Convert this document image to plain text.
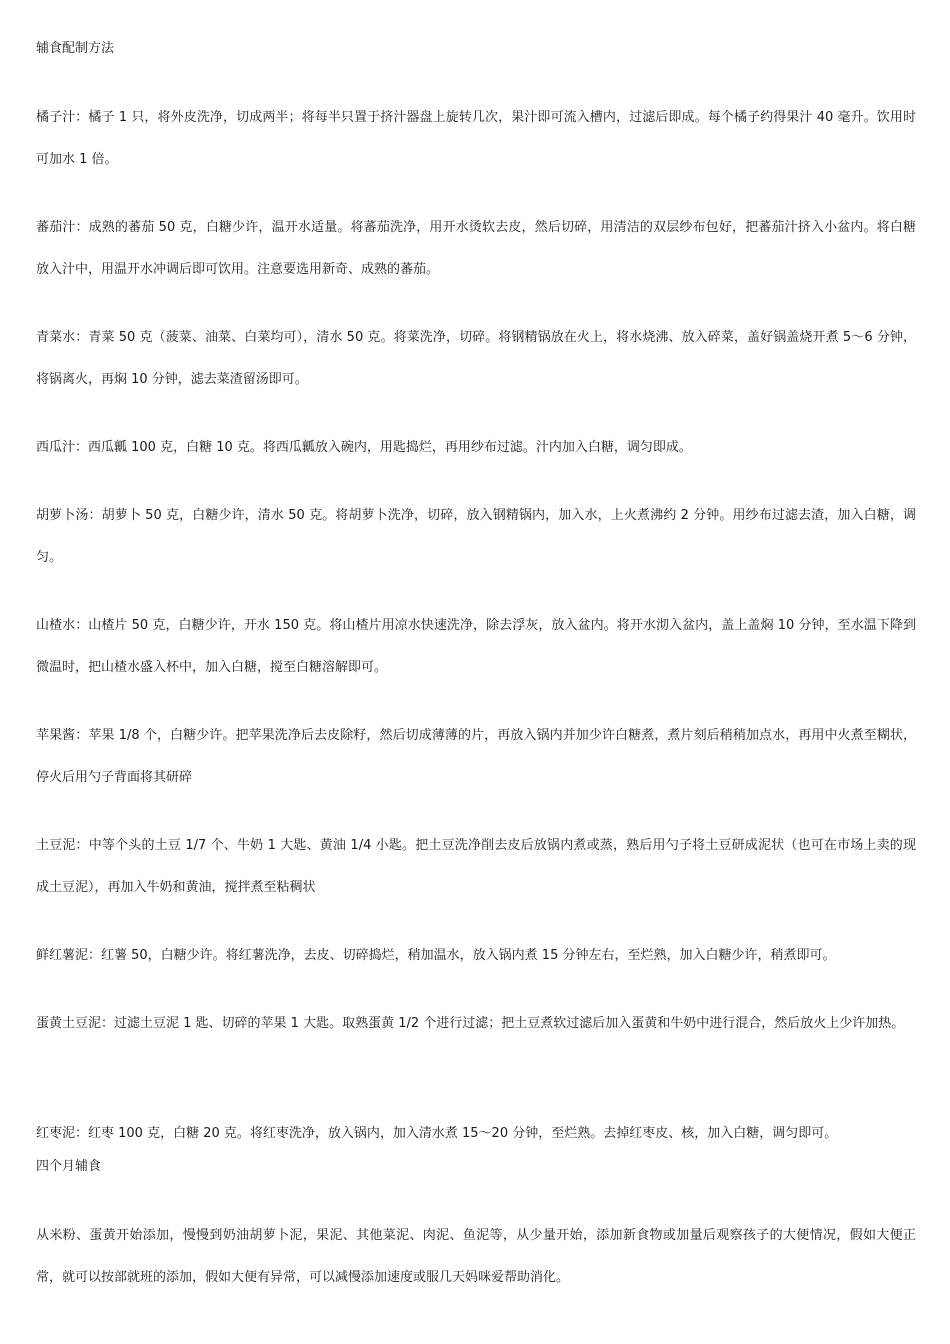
辅食配制方法
橘子汁：橘子 1 只，将外皮洗净，切成两半；将每半只置于挤汁器盘上旋转几次，果汁即可流入槽内，过滤后即成。每个橘子约得果汁 40 毫升。饮用时可加水 1 倍。
蕃茄汁：成熟的蕃茄 50 克，白糖少许，温开水适量。将蕃茄洗净，用开水烫软去皮，然后切碎，用清洁的双层纱布包好，把蕃茄汁挤入小盆内。将白糖放入汁中，用温开水冲调后即可饮用。注意要选用新奇、成熟的蕃茄。
青菜水：青菜 50 克（菠菜、油菜、白菜均可），清水 50 克。将菜洗净，切碎。将钢精锅放在火上，将水烧沸、放入碎菜，盖好锅盖烧开煮 5～6 分钟，将锅离火，再焖 10 分钟，滤去菜渣留汤即可。
西瓜汁：西瓜瓤 100 克，白糖 10 克。将西瓜瓤放入碗内，用匙捣烂，再用纱布过滤。汁内加入白糖，调匀即成。
胡萝卜汤：胡萝卜 50 克，白糖少许，清水 50 克。将胡萝卜洗净，切碎，放入钢精锅内，加入水，上火煮沸约 2 分钟。用纱布过滤去渣，加入白糖，调匀。
山楂水：山楂片 50 克，白糖少许，开水 150 克。将山楂片用凉水快速洗净，除去浮灰，放入盆内。将开水沏入盆内，盖上盖焖 10 分钟，至水温下降到微温时，把山楂水盛入杯中，加入白糖，搅至白糖溶解即可。
苹果酱：苹果 1/8 个，白糖少许。把苹果洗净后去皮除籽，然后切成薄薄的片，再放入锅内并加少许白糖煮，煮片刻后稍稍加点水，再用中火煮至糊状，停火后用勺子背面将其研碎
土豆泥：中等个头的土豆 1/7 个、牛奶 1 大匙、黄油 1/4 小匙。把土豆洗净削去皮后放锅内煮或蒸，熟后用勺子将土豆研成泥状（也可在市场上卖的现成土豆泥），再加入牛奶和黄油，搅拌煮至粘稠状
鲜红薯泥：红薯 50，白糖少许。将红薯洗净，去皮、切碎捣烂，稍加温水，放入锅内煮 15 分钟左右，至烂熟，加入白糖少许，稍煮即可。
蛋黄土豆泥：过滤土豆泥 1 匙、切碎的苹果 1 大匙。取熟蛋黄 1/2 个进行过滤；把土豆煮软过滤后加入蛋黄和牛奶中进行混合，然后放火上少许加热。
红枣泥：红枣 100 克，白糖 20 克。将红枣洗净，放入锅内，加入清水煮 15～20 分钟，至烂熟。去掉红枣皮、核，加入白糖，调匀即可。
四个月辅食
从米粉、蛋黄开始添加，慢慢到奶油胡萝卜泥，果泥、其他菜泥、肉泥、鱼泥等，从少量开始，添加新食物或加量后观察孩子的大便情况，假如大便正常，就可以按部就班的添加，假如大便有异常，可以减慢添加速度或服几天妈咪爱帮助消化。
